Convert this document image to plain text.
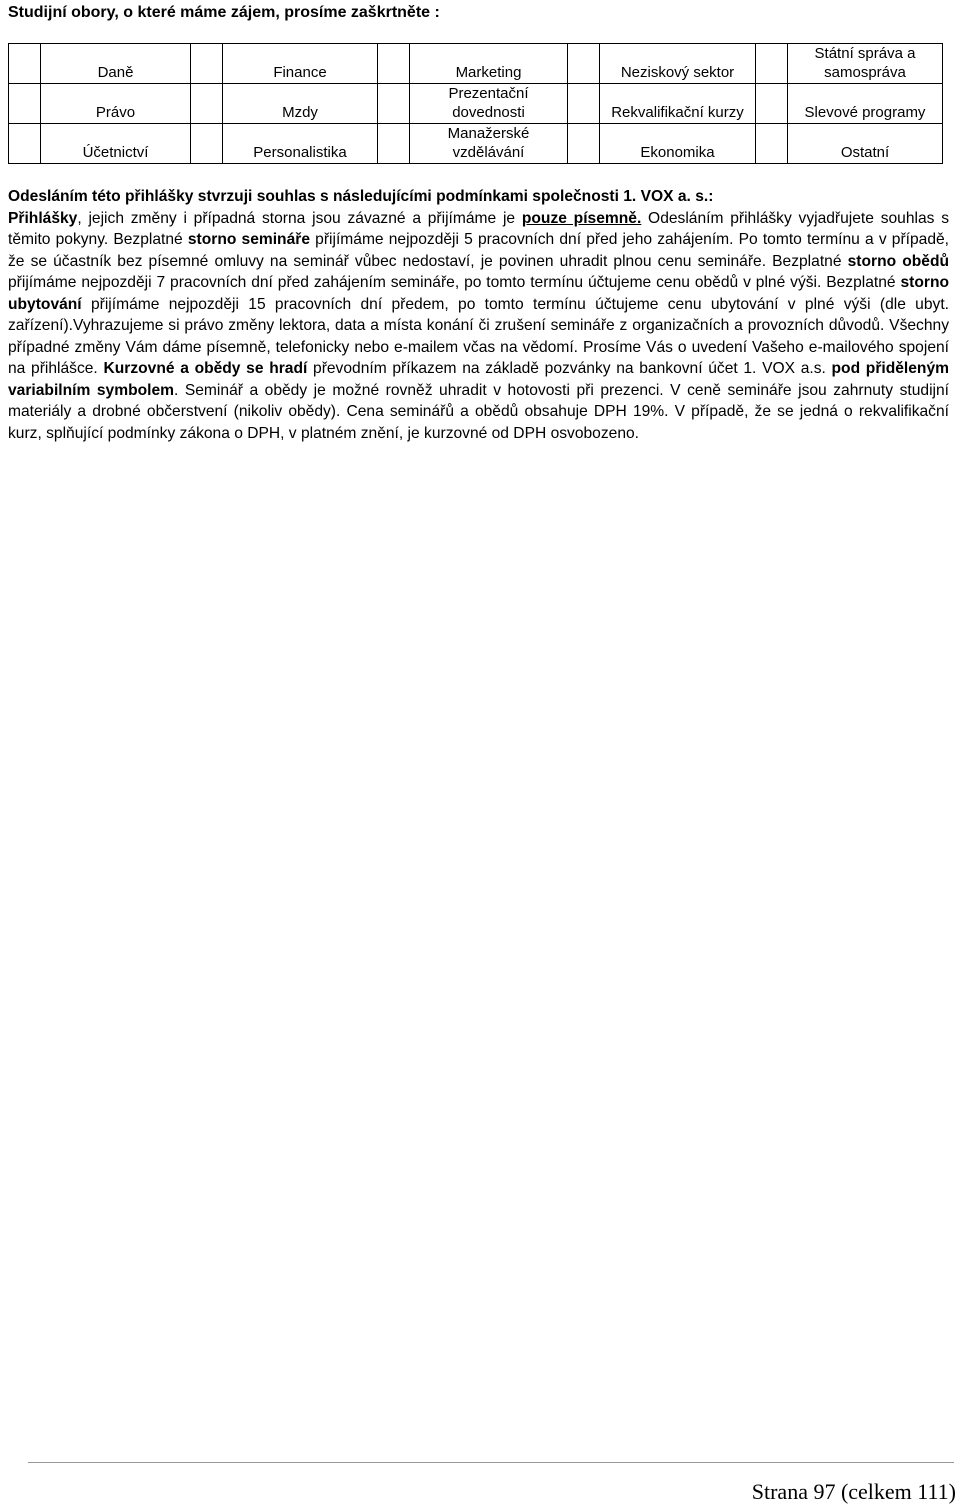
Studijní obory, o které máme zájem, prosíme zaškrtněte :
	Daně		Finance		Marketing		Neziskový sektor		Státní správa a samospráva

	Právo		Mzdy		Prezentační dovednosti		Rekvalifikační kurzy		Slevové programy

	Účetnictví		Personalistika		Manažerské vzdělávání		Ekonomika		Ostatní

Odesláním této přihlášky stvrzuji souhlas s následujícími podmínkami společnosti 1. VOX a. s.:

Přihlášky, jejich změny i případná storna jsou závazné a přijímáme je pouze písemně. Odesláním přihlášky vyjadřujete souhlas s těmito pokyny. Bezplatné storno semináře přijímáme nejpozději 5 pracovních dní před jeho zahájením. Po tomto termínu a v případě, že se účastník bez písemné omluvy na seminář vůbec nedostaví, je povinen uhradit plnou cenu semináře. Bezplatné storno obědů přijímáme nejpozději 7 pracovních dní před zahájením semináře, po tomto termínu účtujeme cenu obědů v plné výši. Bezplatné storno ubytování přijímáme nejpozději 15 pracovních dní předem, po tomto termínu účtujeme cenu ubytování v plné výši (dle ubyt. zařízení).Vyhrazujeme si právo změny lektora, data a místa konání či zrušení semináře z organizačních a provozních důvodů. Všechny případné změny Vám dáme písemně, telefonicky nebo e-mailem včas na vědomí. Prosíme Vás o uvedení Vašeho e-mailového spojení na přihlášce. Kurzovné a obědy se hradí převodním příkazem na základě pozvánky na bankovní účet 1. VOX a.s. pod přiděleným variabilním symbolem. Seminář a obědy je možné rovněž uhradit v hotovosti při prezenci. V ceně semináře jsou zahrnuty studijní materiály a drobné občerstvení (nikoliv obědy). Cena seminářů a obědů obsahuje DPH 19%. V případě, že se jedná o rekvalifikační kurz, splňující podmínky zákona o DPH, v platném znění, je kurzovné od DPH osvobozeno.

Strana 97 (celkem 111)
